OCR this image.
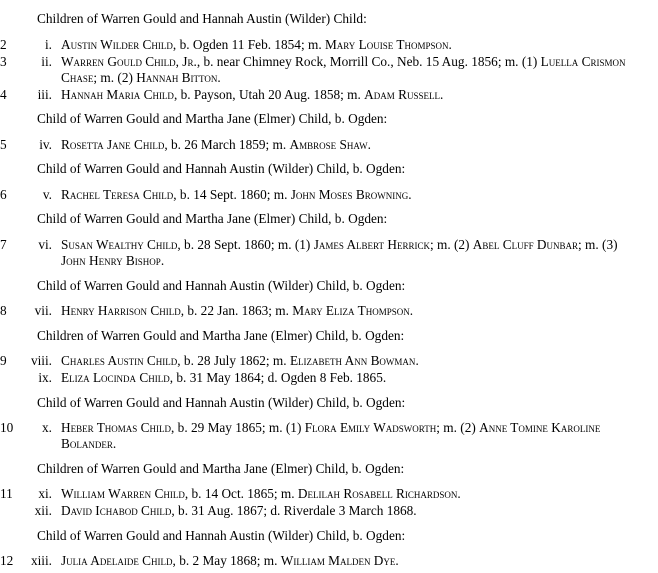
Children of Warren Gould and Hannah Austin (Wilder) Child:
2	i. Austin Wilder Child, b. Ogden 11 Feb. 1854; m. Mary Louise Thompson.
3	ii. Warren Gould Child, Jr., b. near Chimney Rock, Morrill Co., Neb. 15 Aug. 1856; m. (1) Luella Crismon Chase; m. (2) Hannah Bitton.
4	iii. Hannah Maria Child, b. Payson, Utah 20 Aug. 1858; m. Adam Russell.
Child of Warren Gould and Martha Jane (Elmer) Child, b. Ogden:
5	iv. Rosetta Jane Child, b. 26 March 1859; m. Ambrose Shaw.
Child of Warren Gould and Hannah Austin (Wilder) Child, b. Ogden:
6	v. Rachel Teresa Child, b. 14 Sept. 1860; m. John Moses Browning.
Child of Warren Gould and Martha Jane (Elmer) Child, b. Ogden:
7	vi. Susan Wealthy Child, b. 28 Sept. 1860; m. (1) James Albert Herrick; m. (2) Abel Cluff Dunbar; m. (3) John Henry Bishop.
Child of Warren Gould and Hannah Austin (Wilder) Child, b. Ogden:
8	vii. Henry Harrison Child, b. 22 Jan. 1863; m. Mary Eliza Thompson.
Children of Warren Gould and Martha Jane (Elmer) Child, b. Ogden:
9	viii. Charles Austin Child, b. 28 July 1862; m. Elizabeth Ann Bowman.
ix. Eliza Locinda Child, b. 31 May 1864; d. Ogden 8 Feb. 1865.
Child of Warren Gould and Hannah Austin (Wilder) Child, b. Ogden:
10	x. Heber Thomas Child, b. 29 May 1865; m. (1) Flora Emily Wadsworth; m. (2) Anne Tomine Karoline Bolander.
Children of Warren Gould and Martha Jane (Elmer) Child, b. Ogden:
11	xi. William Warren Child, b. 14 Oct. 1865; m. Delilah Rosabell Richardson.
xii. David Ichabod Child, b. 31 Aug. 1867; d. Riverdale 3 March 1868.
Child of Warren Gould and Hannah Austin (Wilder) Child, b. Ogden:
12	xiii. Julia Adelaide Child, b. 2 May 1868; m. William Malden Dye.
